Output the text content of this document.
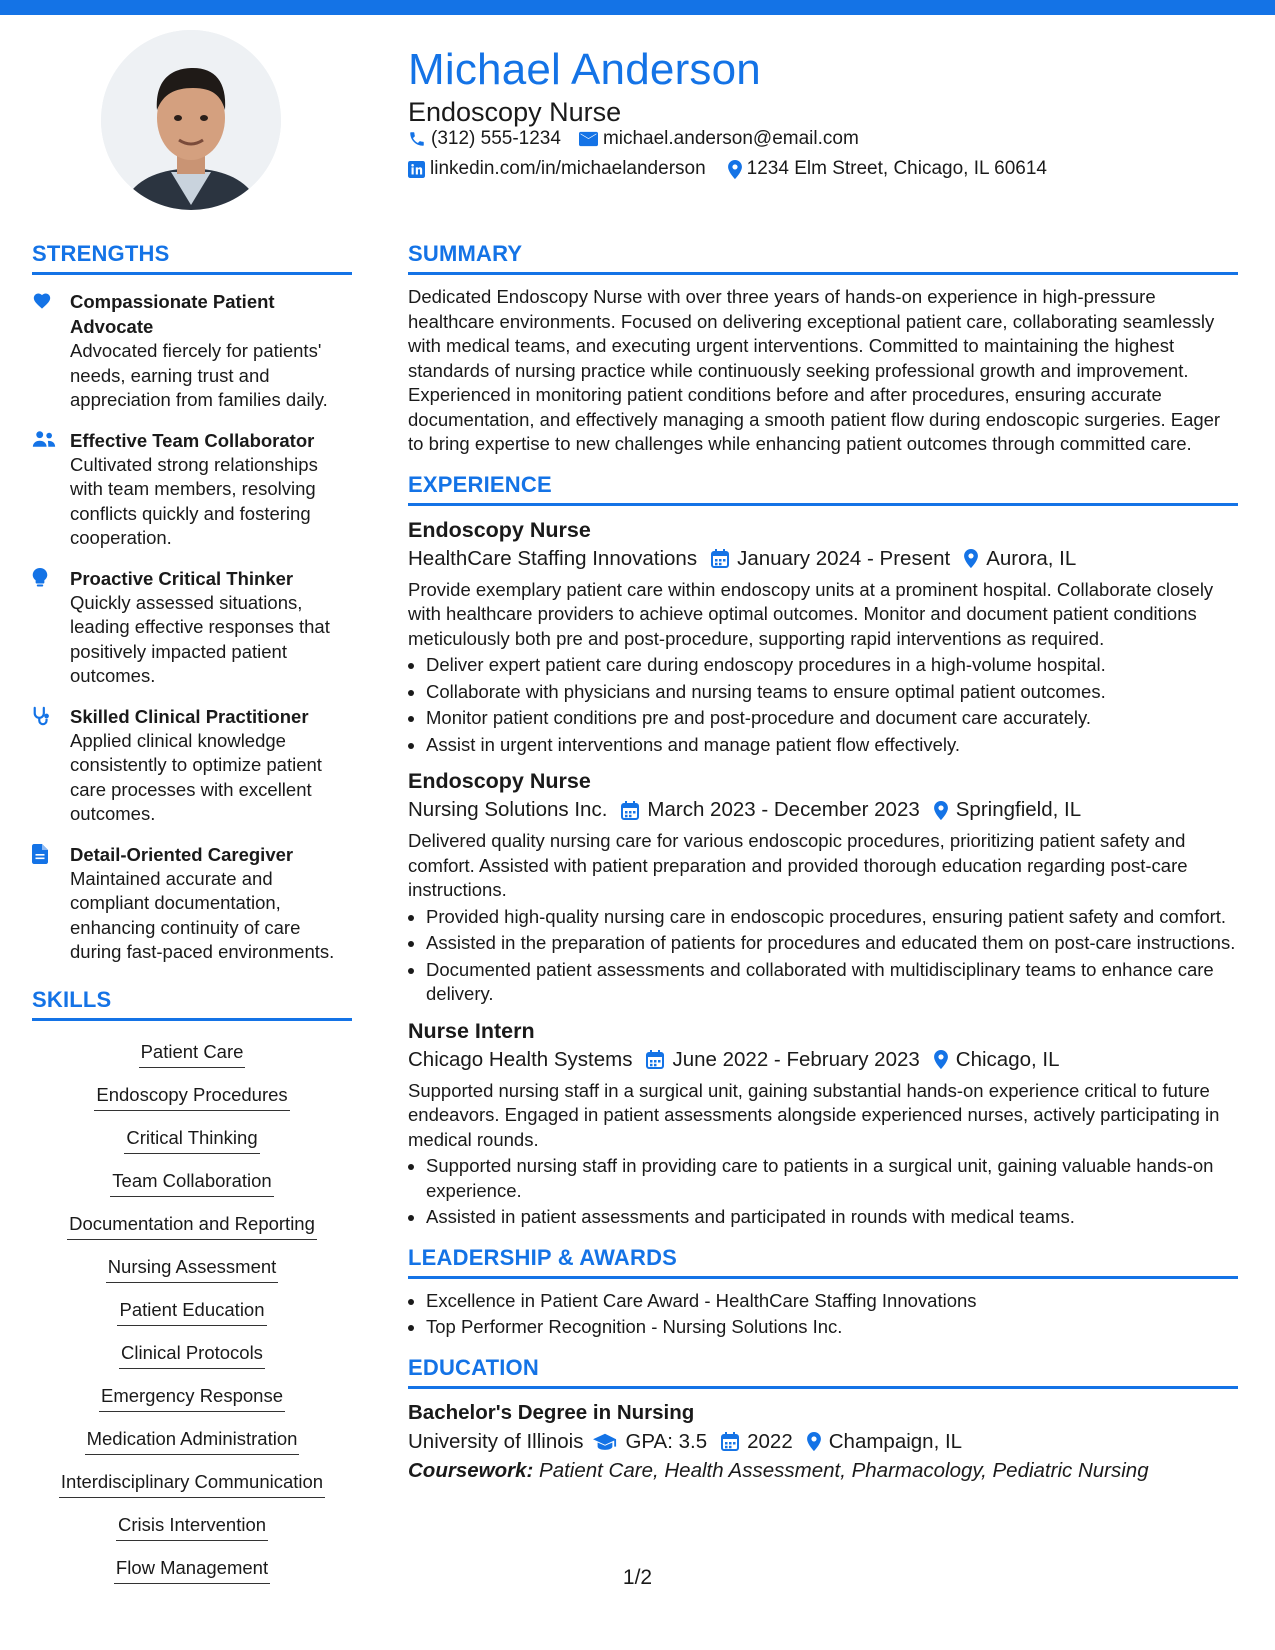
Michael Anderson
Endoscopy Nurse
(312) 555-1234 michael.anderson@email.com
linkedin.com/in/michaelanderson 1234 Elm Street, Chicago, IL 60614
STRENGTHS
Compassionate Patient Advocate
Advocated fiercely for patients' needs, earning trust and appreciation from families daily.
Effective Team Collaborator
Cultivated strong relationships with team members, resolving conflicts quickly and fostering cooperation.
Proactive Critical Thinker
Quickly assessed situations, leading effective responses that positively impacted patient outcomes.
Skilled Clinical Practitioner
Applied clinical knowledge consistently to optimize patient care processes with excellent outcomes.
Detail-Oriented Caregiver
Maintained accurate and compliant documentation, enhancing continuity of care during fast-paced environments.
SKILLS
Patient Care
Endoscopy Procedures
Critical Thinking
Team Collaboration
Documentation and Reporting
Nursing Assessment
Patient Education
Clinical Protocols
Emergency Response
Medication Administration
Interdisciplinary Communication
Crisis Intervention
Flow Management
SUMMARY
Dedicated Endoscopy Nurse with over three years of hands-on experience in high-pressure healthcare environments. Focused on delivering exceptional patient care, collaborating seamlessly with medical teams, and executing urgent interventions. Committed to maintaining the highest standards of nursing practice while continuously seeking professional growth and improvement. Experienced in monitoring patient conditions before and after procedures, ensuring accurate documentation, and effectively managing a smooth patient flow during endoscopic surgeries. Eager to bring expertise to new challenges while enhancing patient outcomes through committed care.
EXPERIENCE
Endoscopy Nurse
HealthCare Staffing Innovations January 2024 - Present Aurora, IL
Provide exemplary patient care within endoscopy units at a prominent hospital. Collaborate closely with healthcare providers to achieve optimal outcomes. Monitor and document patient conditions meticulously both pre and post-procedure, supporting rapid interventions as required.
• Deliver expert patient care during endoscopy procedures in a high-volume hospital.
• Collaborate with physicians and nursing teams to ensure optimal patient outcomes.
• Monitor patient conditions pre and post-procedure and document care accurately.
• Assist in urgent interventions and manage patient flow effectively.
Endoscopy Nurse
Nursing Solutions Inc. March 2023 - December 2023 Springfield, IL
Delivered quality nursing care for various endoscopic procedures, prioritizing patient safety and comfort. Assisted with patient preparation and provided thorough education regarding post-care instructions.
• Provided high-quality nursing care in endoscopic procedures, ensuring patient safety and comfort.
• Assisted in the preparation of patients for procedures and educated them on post-care instructions.
• Documented patient assessments and collaborated with multidisciplinary teams to enhance care delivery.
Nurse Intern
Chicago Health Systems June 2022 - February 2023 Chicago, IL
Supported nursing staff in a surgical unit, gaining substantial hands-on experience critical to future endeavors. Engaged in patient assessments alongside experienced nurses, actively participating in medical rounds.
• Supported nursing staff in providing care to patients in a surgical unit, gaining valuable hands-on experience.
• Assisted in patient assessments and participated in rounds with medical teams.
LEADERSHIP & AWARDS
• Excellence in Patient Care Award - HealthCare Staffing Innovations
• Top Performer Recognition - Nursing Solutions Inc.
EDUCATION
Bachelor's Degree in Nursing
University of Illinois GPA: 3.5 2022 Champaign, IL
Coursework: Patient Care, Health Assessment, Pharmacology, Pediatric Nursing
1/2
